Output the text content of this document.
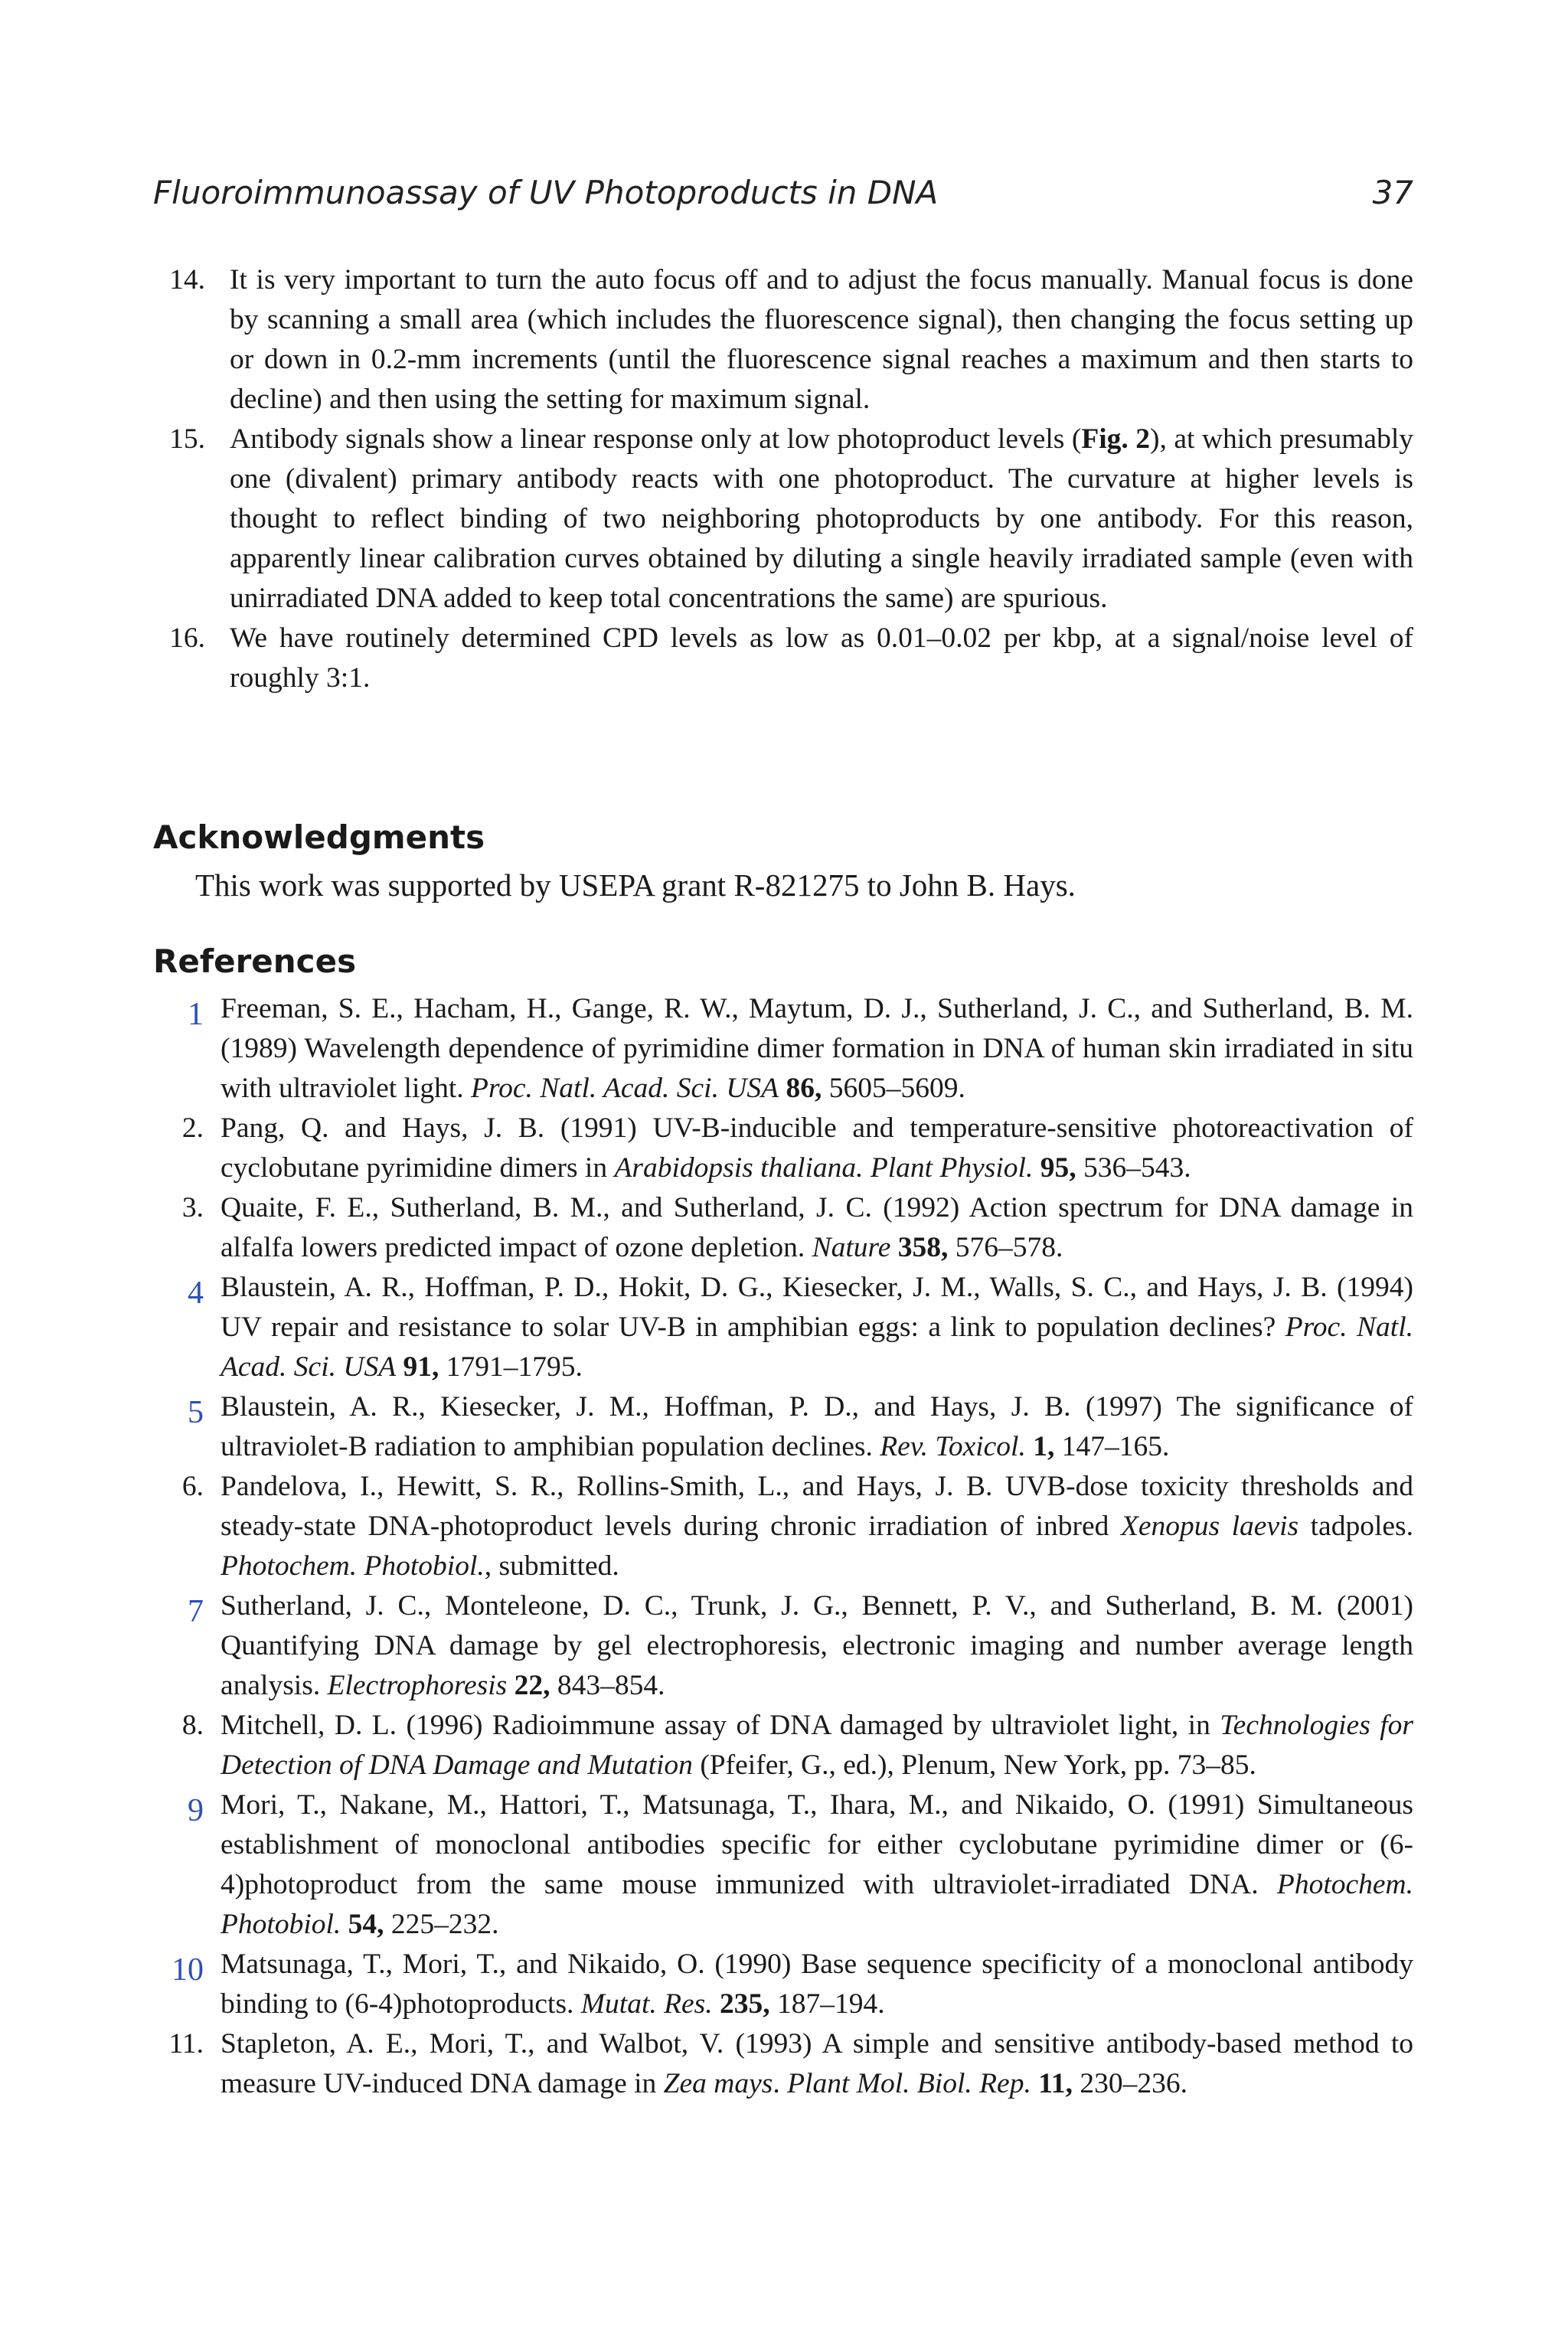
Fluoroimmunoassay of UV Photoproducts in DNA	37
14. It is very important to turn the auto focus off and to adjust the focus manually. Manual focus is done by scanning a small area (which includes the fluorescence signal), then changing the focus setting up or down in 0.2-mm increments (until the fluorescence signal reaches a maximum and then starts to decline) and then using the setting for maximum signal.
15. Antibody signals show a linear response only at low photoproduct levels (Fig. 2), at which presumably one (divalent) primary antibody reacts with one photoproduct. The curvature at higher levels is thought to reflect binding of two neighboring photoproducts by one antibody. For this reason, apparently linear calibration curves obtained by diluting a single heavily irradiated sample (even with unirradiated DNA added to keep total concentrations the same) are spurious.
16. We have routinely determined CPD levels as low as 0.01–0.02 per kbp, at a signal/noise level of roughly 3:1.
Acknowledgments
This work was supported by USEPA grant R-821275 to John B. Hays.
References
1 Freeman, S. E., Hacham, H., Gange, R. W., Maytum, D. J., Sutherland, J. C., and Sutherland, B. M. (1989) Wavelength dependence of pyrimidine dimer formation in DNA of human skin irradiated in situ with ultraviolet light. Proc. Natl. Acad. Sci. USA 86, 5605–5609.
2. Pang, Q. and Hays, J. B. (1991) UV-B-inducible and temperature-sensitive photoreactivation of cyclobutane pyrimidine dimers in Arabidopsis thaliana. Plant Physiol. 95, 536–543.
3. Quaite, F. E., Sutherland, B. M., and Sutherland, J. C. (1992) Action spectrum for DNA damage in alfalfa lowers predicted impact of ozone depletion. Nature 358, 576–578.
4 Blaustein, A. R., Hoffman, P. D., Hokit, D. G., Kiesecker, J. M., Walls, S. C., and Hays, J. B. (1994) UV repair and resistance to solar UV-B in amphibian eggs: a link to population declines? Proc. Natl. Acad. Sci. USA 91, 1791–1795.
5 Blaustein, A. R., Kiesecker, J. M., Hoffman, P. D., and Hays, J. B. (1997) The significance of ultraviolet-B radiation to amphibian population declines. Rev. Toxicol. 1, 147–165.
6. Pandelova, I., Hewitt, S. R., Rollins-Smith, L., and Hays, J. B. UVB-dose toxicity thresholds and steady-state DNA-photoproduct levels during chronic irradiation of inbred Xenopus laevis tadpoles. Photochem. Photobiol., submitted.
7 Sutherland, J. C., Monteleone, D. C., Trunk, J. G., Bennett, P. V., and Sutherland, B. M. (2001) Quantifying DNA damage by gel electrophoresis, electronic imaging and number average length analysis. Electrophoresis 22, 843–854.
8. Mitchell, D. L. (1996) Radioimmune assay of DNA damaged by ultraviolet light, in Technologies for Detection of DNA Damage and Mutation (Pfeifer, G., ed.), Plenum, New York, pp. 73–85.
9 Mori, T., Nakane, M., Hattori, T., Matsunaga, T., Ihara, M., and Nikaido, O. (1991) Simultaneous establishment of monoclonal antibodies specific for either cyclobutane pyrimidine dimer or (6-4)photoproduct from the same mouse immunized with ultraviolet-irradiated DNA. Photochem. Photobiol. 54, 225–232.
10 Matsunaga, T., Mori, T., and Nikaido, O. (1990) Base sequence specificity of a monoclonal antibody binding to (6-4)photoproducts. Mutat. Res. 235, 187–194.
11. Stapleton, A. E., Mori, T., and Walbot, V. (1993) A simple and sensitive antibody-based method to measure UV-induced DNA damage in Zea mays. Plant Mol. Biol. Rep. 11, 230–236.
